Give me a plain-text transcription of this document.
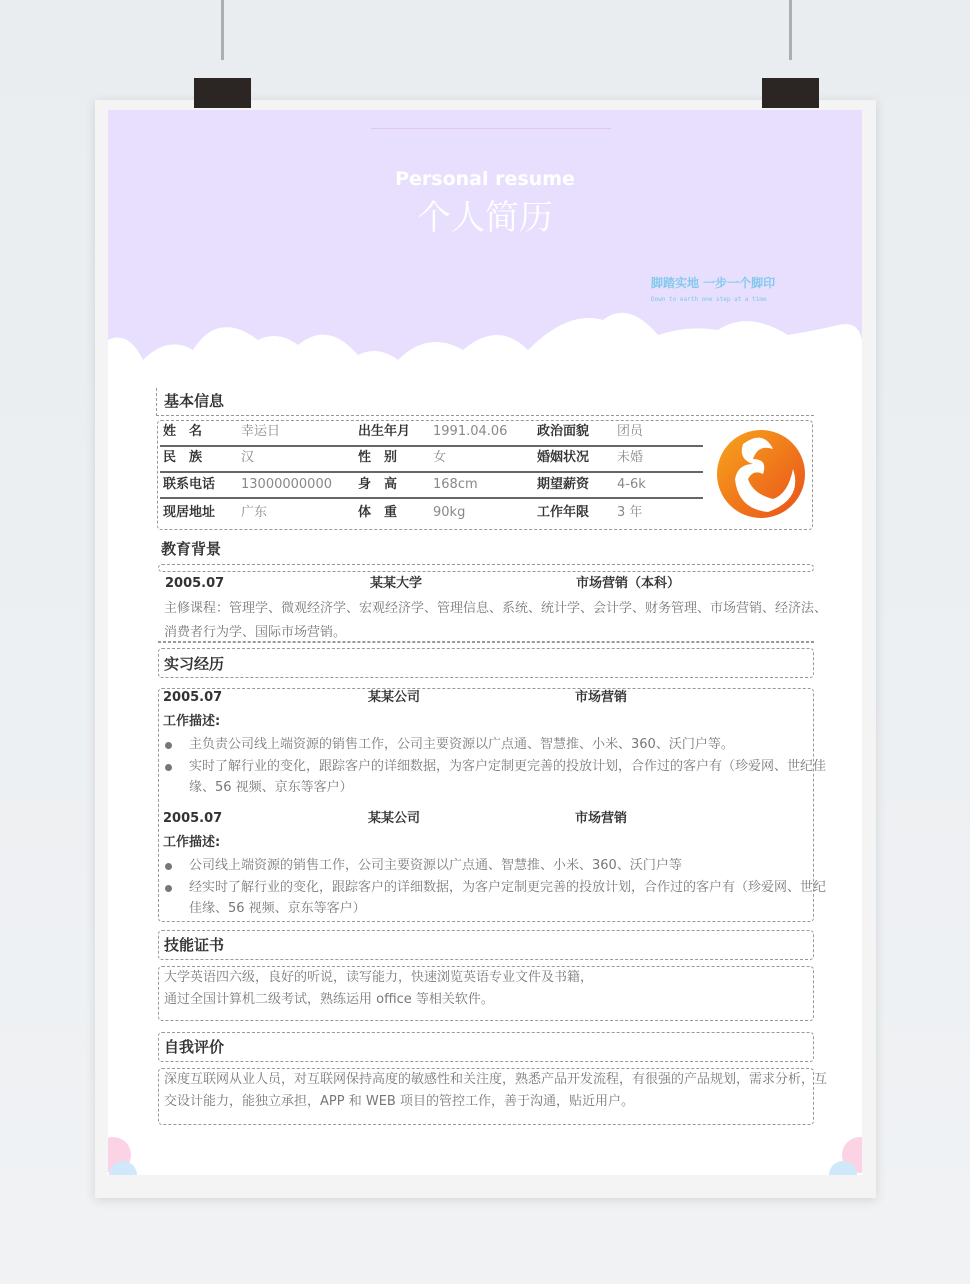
Personal resume
个人简历
脚踏实地 一步一个脚印
Down to earth one step at a time
基本信息
姓　名	幸运日	出生年月 1991.04.06 政治面貌 团员
民　族	汉	性　别	女	婚姻状况 未婚
联系电话 13000000000 身　高	168cm	期望薪资 4-6k
现居地址 广东	体　重	90kg	工作年限 3 年
教育背景
2005.07	某某大学	市场营销（本科）
主修课程：管理学、微观经济学、宏观经济学、管理信息、系统、统计学、会计学、财务管理、市场营销、经济法、
消费者行为学、国际市场营销。
实习经历
2005.07	某某公司	市场营销
工作描述:
主负责公司线上端资源的销售工作，公司主要资源以广点通、智慧推、小米、360、沃门户等。
实时了解行业的变化，跟踪客户的详细数据，为客户定制更完善的投放计划，合作过的客户有（珍爱网、世纪佳
缘、56 视频、京东等客户）
2005.07	某某公司	市场营销
工作描述:
公司线上端资源的销售工作，公司主要资源以广点通、智慧推、小米、360、沃门户等
经实时了解行业的变化，跟踪客户的详细数据，为客户定制更完善的投放计划，合作过的客户有（珍爱网、世纪
佳缘、56 视频、京东等客户）
技能证书
大学英语四六级，良好的听说，读写能力，快速浏览英语专业文件及书籍，
通过全国计算机二级考试，熟练运用 office 等相关软件。
自我评价
深度互联网从业人员，对互联网保持高度的敏感性和关注度，熟悉产品开发流程，有很强的产品规划，需求分析，互
交设计能力，能独立承担，APP 和 WEB 项目的管控工作，善于沟通，贴近用户。
